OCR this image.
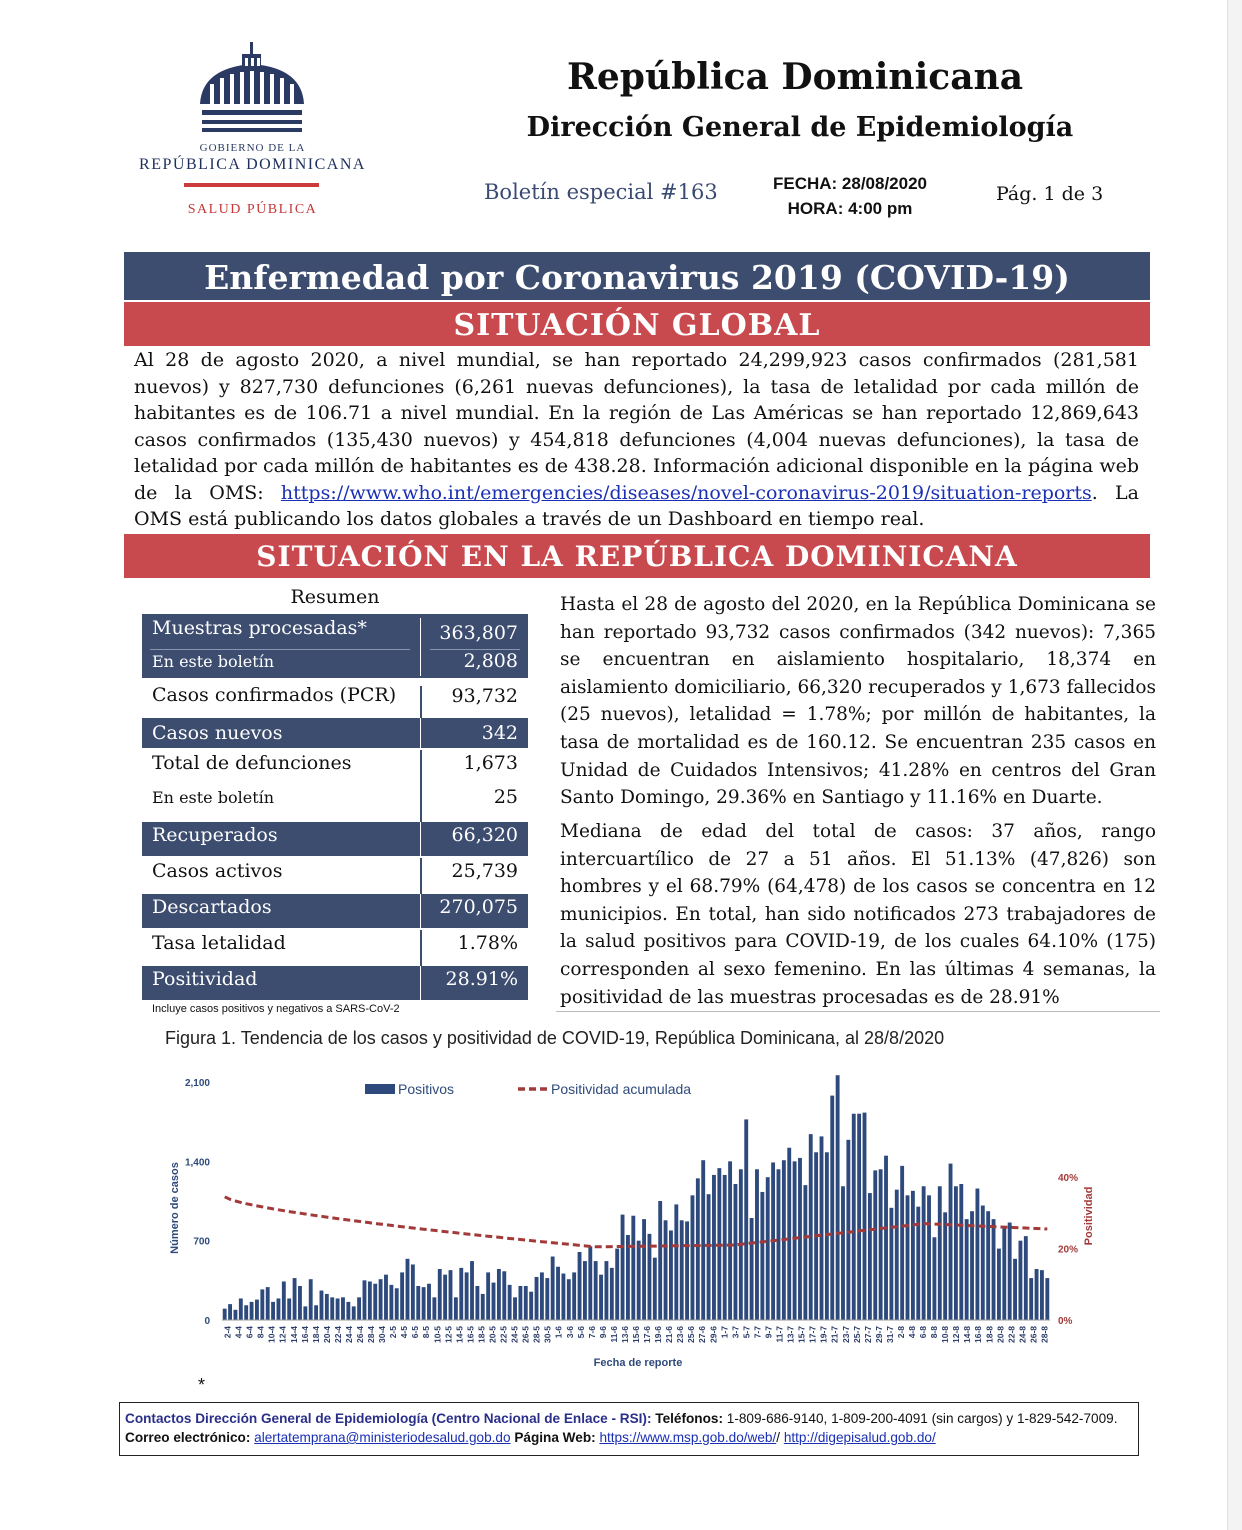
GOBIERNO DE LA
REPÚBLICA DOMINICANA
SALUD PÚBLICA
República Dominicana
Dirección General de Epidemiología
Boletín especial #163	FECHA: 28/08/2020
HORA: 4:00 pm
Pág. 1 de 3
Enfermedad por Coronavirus 2019 (COVID-19)
SITUACIÓN GLOBAL
Al 28 de agosto 2020, a nivel mundial, se han reportado 24,299,923 casos confirmados (281,581 nuevos) y 827,730 defunciones (6,261 nuevas defunciones), la tasa de letalidad por cada millón de habitantes es de 106.71 a nivel mundial. En la región de Las Américas se han reportado 12,869,643 casos confirmados (135,430 nuevos) y 454,818 defunciones (4,004 nuevas defunciones), la tasa de letalidad por cada millón de habitantes es de 438.28. Información adicional disponible en la página web de la OMS: https://www.who.int/emergencies/diseases/novel-coronavirus-2019/situation-reports. La OMS está publicando los datos globales a través de un Dashboard en tiempo real.
SITUACIÓN EN LA REPÚBLICA DOMINICANA
Resumen
Muestras procesadas*	363,807
En este boletín	2,808
Casos confirmados (PCR)	93,732
Casos nuevos	342
Total de defunciones	1,673
En este boletín	25
Recuperados	66,320
Casos activos	25,739
Descartados	270,075
Tasa letalidad	1.78%
Positividad	28.91%
Incluye casos positivos y negativos a SARS-CoV-2
Hasta el 28 de agosto del 2020, en la República Dominicana se han reportado 93,732 casos confirmados (342 nuevos): 7,365 se encuentran en aislamiento hospitalario, 18,374 en aislamiento domiciliario, 66,320 recuperados y 1,673 fallecidos (25 nuevos), letalidad = 1.78%; por millón de habitantes, la tasa de mortalidad es de 160.12. Se encuentran 235 casos en Unidad de Cuidados Intensivos; 41.28% en centros del Gran Santo Domingo, 29.36% en Santiago y 11.16% en Duarte.
Mediana de edad del total de casos: 37 años, rango intercuartílico de 27 a 51 años. El 51.13% (47,826) son hombres y el 68.79% (64,478) de los casos se concentra en 12 municipios. En total, han sido notificados 273 trabajadores de la salud positivos para COVID-19, de los cuales 64.10% (175) corresponden al sexo femenino. En las últimas 4 semanas, la positividad de las muestras procesadas es de 28.91%
Figura 1. Tendencia de los casos y positividad de COVID-19, República Dominicana, al 28/8/2020
0
700
1,400
2,100
0%
20%
40%
Número de casos	Positividad
2-4 4-4 6-4 8-4 10-4 12-4 14-4 16-4 18-4 20-4 22-4 24-4 26-4 28-4 30-4 2-5 4-5 6-5 8-5 10-5 12-5 14-5 16-5 18-5 20-5 22-5 24-5 26-5 28-5 30-5 1-6 3-6 5-6 7-6 9-6 11-6 13-6 15-6 17-6 19-6 21-6 23-6 25-6 27-6 29-6 1-7 3-7 5-7 7-7 9-7 11-7 13-7 15-7 17-7 19-7 21-7 23-7 25-7 27-7 29-7 31-7 2-8 4-8 6-8 8-8 10-8 12-8 14-8 16-8 18-8 20-8 22-8 24-8 26-8 28-8
Fecha de reporte
Positivos	Positividad acumulada
*
Contactos Dirección General de Epidemiología (Centro Nacional de Enlace - RSI): Teléfonos: 1-809-686-9140, 1-809-200-4091 (sin cargos) y 1-829-542-7009. Correo electrónico: alertatemprana@ministeriodesalud.gob.do Página Web: https://www.msp.gob.do/web// http://digepisalud.gob.do/
